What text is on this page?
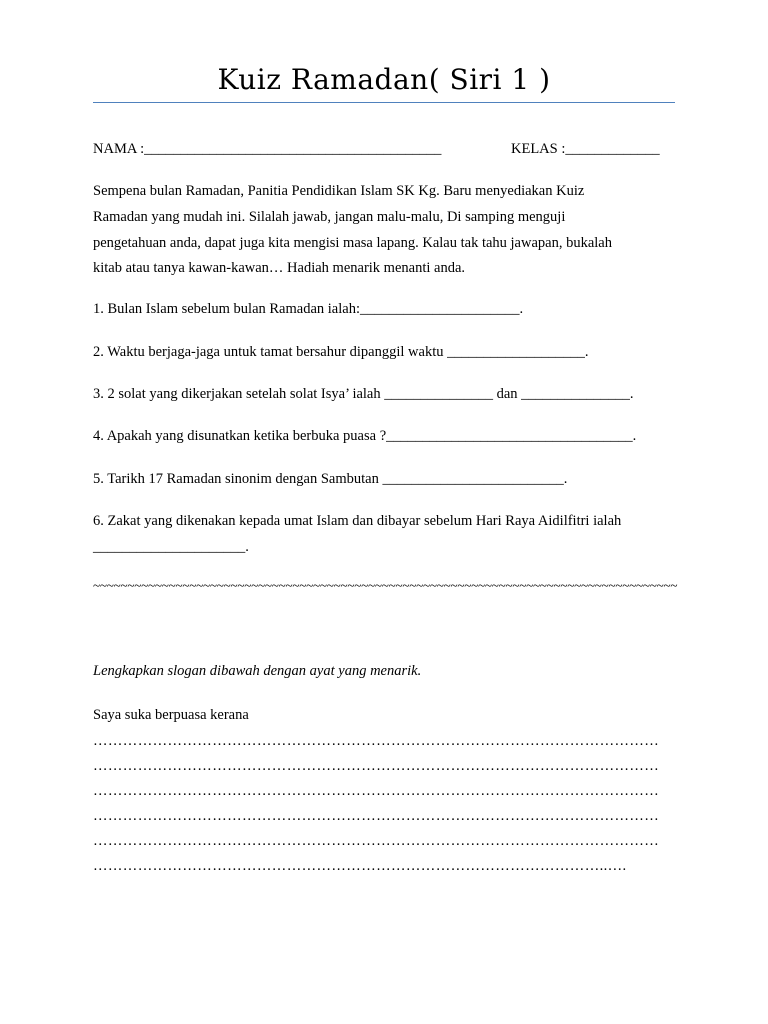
Kuiz Ramadan( Siri 1 )
NAMA :_________________________________________	KELAS :_____________
Sempena bulan Ramadan, Panitia Pendidikan Islam SK Kg. Baru menyediakan Kuiz
Ramadan yang mudah ini. Silalah jawab, jangan malu-malu, Di samping menguji
pengetahuan anda, dapat juga kita mengisi masa lapang. Kalau tak tahu jawapan, bukalah
kitab atau tanya kawan-kawan… Hadiah menarik menanti anda.
1. Bulan Islam sebelum bulan Ramadan ialah:______________________.
2. Waktu berjaga-jaga untuk tamat bersahur dipanggil waktu ___________________.
3. 2 solat yang dikerjakan setelah solat Isya’ ialah _______________ dan _______________.
4. Apakah yang disunatkan ketika berbuka puasa ?__________________________________.
5. Tarikh 17 Ramadan sinonim dengan Sambutan _________________________.
6. Zakat yang dikenakan kepada umat Islam dan dibayar sebelum Hari Raya Aidilfitri ialah
_____________________.
~~~~~~~~~~~~~~~~~~~~~~~~~~~~~~~~~~~~~~~~~~~~~~~~~~~~~~~~~~~~~~~~~~~~~~~~~~~~~~~~~~~~~
Lengkapkan slogan dibawah dengan ayat yang menarik.
Saya suka berpuasa kerana
……………………………………………………………………………………………………
……………………………………………………………………………………………………
……………………………………………………………………………………………………
……………………………………………………………………………………………………
……………………………………………………………………………………………………
…………………………………………………………………………………………..….
